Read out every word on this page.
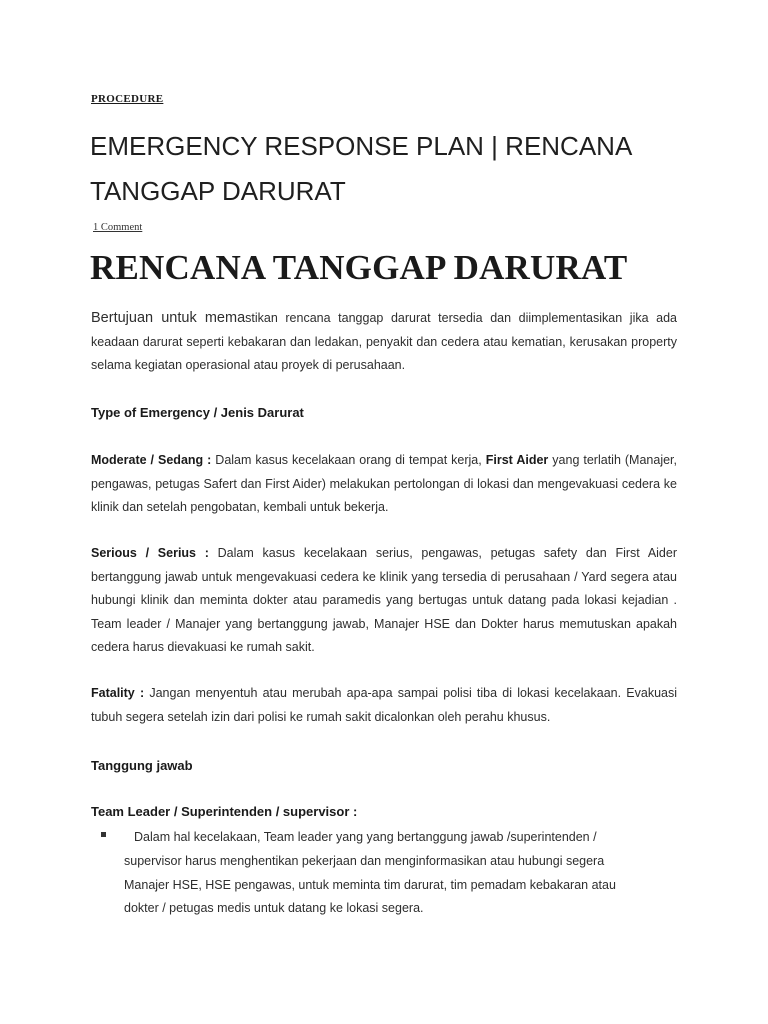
PROCEDURE
EMERGENCY RESPONSE PLAN | RENCANA TANGGAP DARURAT
1 Comment
RENCANA TANGGAP DARURAT

Bertujuan untuk memastikan rencana tanggap darurat tersedia dan diimplementasikan jika ada keadaan darurat seperti kebakaran dan ledakan, penyakit dan cedera atau kematian, kerusakan property selama kegiatan operasional atau proyek di perusahaan.

Type of Emergency / Jenis Darurat

Moderate / Sedang : Dalam kasus kecelakaan orang di tempat kerja, First Aider yang terlatih (Manajer, pengawas, petugas Safert dan First Aider) melakukan pertolongan di lokasi dan mengevakuasi cedera ke klinik dan setelah pengobatan, kembali untuk bekerja.

Serious / Serius : Dalam kasus kecelakaan serius, pengawas, petugas safety dan First Aider bertanggung jawab untuk mengevakuasi cedera ke klinik yang tersedia di perusahaan / Yard segera atau hubungi klinik dan meminta dokter atau paramedis yang bertugas untuk datang pada lokasi kejadian . Team leader / Manajer yang bertanggung jawab, Manajer HSE dan Dokter harus memutuskan apakah cedera harus dievakuasi ke rumah sakit.

Fatality : Jangan menyentuh atau merubah apa-apa sampai polisi tiba di lokasi kecelakaan. Evakuasi tubuh segera setelah izin dari polisi ke rumah sakit dicalonkan oleh perahu khusus.

Tanggung jawab
Team Leader / Superintenden / supervisor :

Dalam hal kecelakaan, Team leader yang yang bertanggung jawab /superintenden / supervisor harus menghentikan pekerjaan dan menginformasikan atau hubungi segera Manajer HSE, HSE pengawas, untuk meminta tim darurat, tim pemadam kebakaran atau dokter / petugas medis untuk datang ke lokasi segera.
